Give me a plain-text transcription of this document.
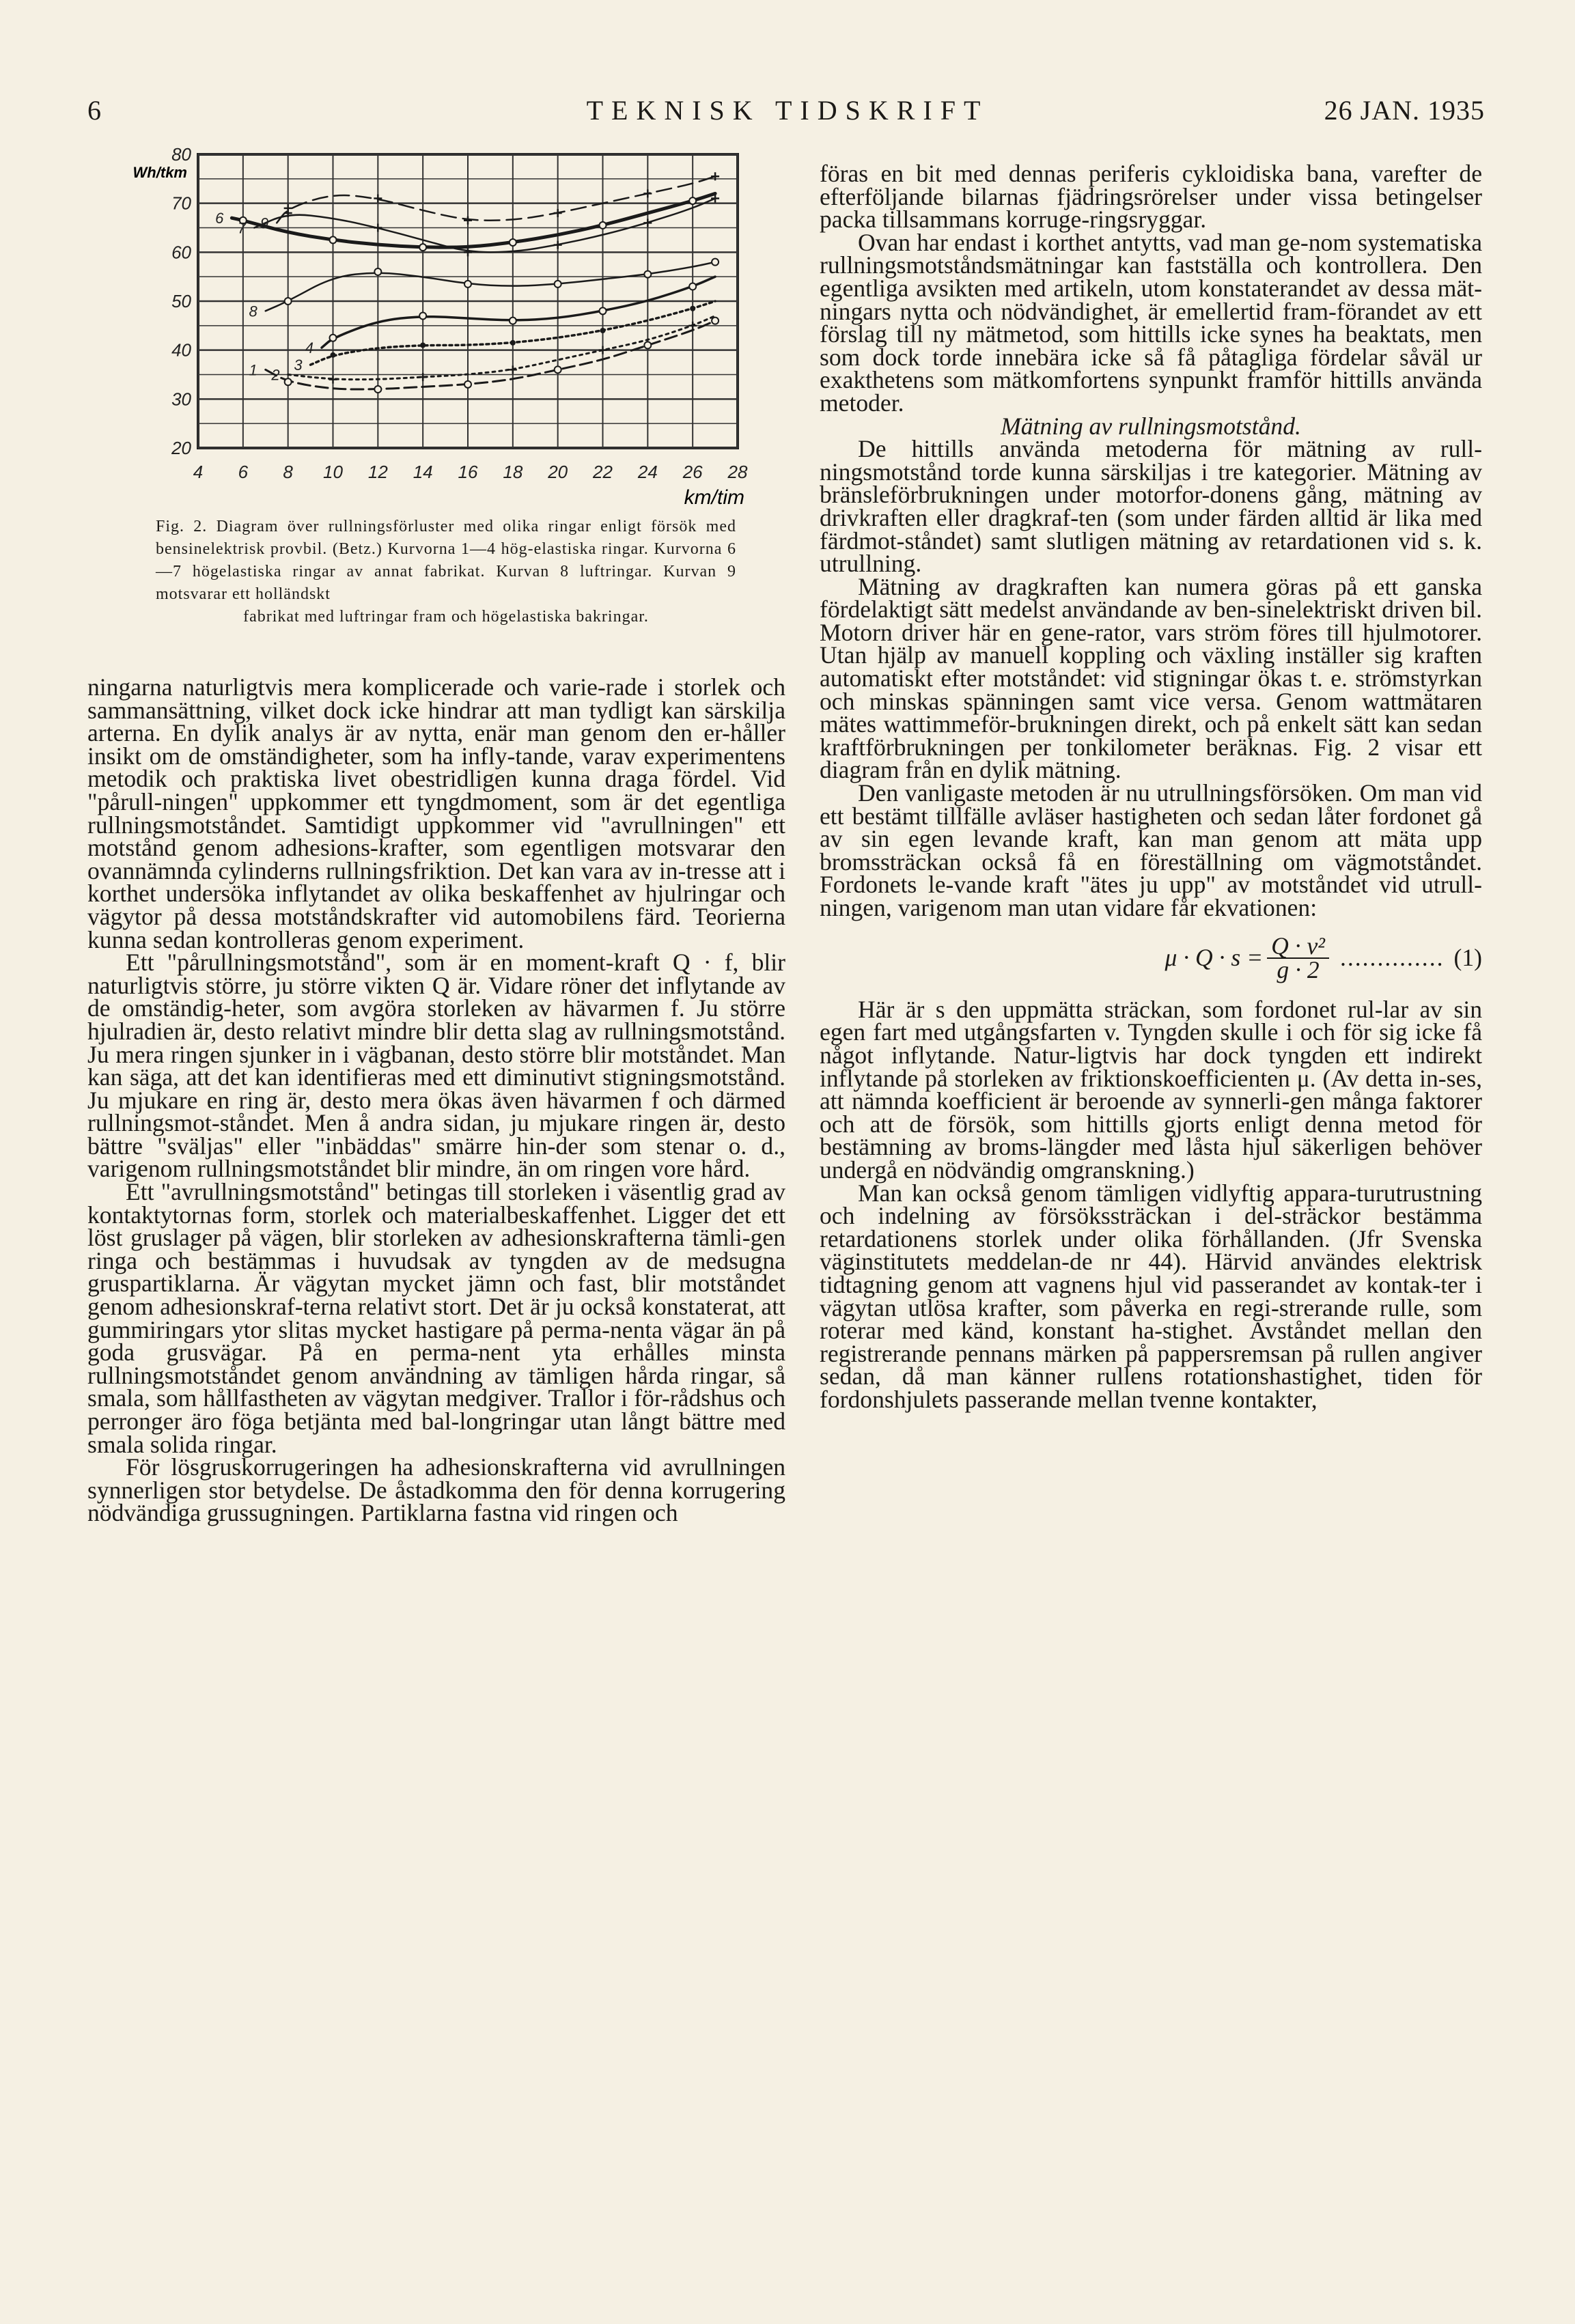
6	TEKNISK TIDSKRIFT	26 JAN. 1935
4 6 8 10 12 14 16 18 20 22 24 26 28
20
30
40
50
60
70
80
1 2
3
4
6
7
8
9
Wh/tkm
km/tim
Fig. 2. Diagram över rullningsförluster med olika ringar enligt försök med bensinelektrisk provbil. (Betz.) Kurvorna 1—4 hög-elastiska ringar. Kurvorna 6—7 högelastiska ringar av annat fabrikat. Kurvan 8 luftringar. Kurvan 9 motsvarar ett holländskt
fabrikat med luftringar fram och högelastiska bakringar.

ningarna naturligtvis mera komplicerade och varie-rade i storlek och sammansättning, vilket dock icke hindrar att man tydligt kan särskilja arterna. En dylik analys är av nytta, enär man genom den er-håller insikt om de omständigheter, som ha infly-tande, varav experimentens metodik och praktiska livet obestridligen kunna draga fördel. Vid "pårull-ningen" uppkommer ett tyngdmoment, som är det egentliga rullningsmotståndet. Samtidigt uppkommer vid "avrullningen" ett motstånd genom adhesions-krafter, som egentligen motsvarar den ovannämnda cylinderns rullningsfriktion. Det kan vara av in-tresse att i korthet undersöka inflytandet av olika beskaffenhet av hjulringar och vägytor på dessa motståndskrafter vid automobilens färd. Teorierna kunna sedan kontrolleras genom experiment.

Ett "pårullningsmotstånd", som är en moment-kraft Q · f, blir naturligtvis större, ju större vikten Q är. Vidare röner det inflytande av de omständig-heter, som avgöra storleken av hävarmen f. Ju större hjulradien är, desto relativt mindre blir detta slag av rullningsmotstånd. Ju mera ringen sjunker in i vägbanan, desto större blir motståndet. Man kan säga, att det kan identifieras med ett diminutivt stigningsmotstånd. Ju mjukare en ring är, desto mera ökas även hävarmen f och därmed rullningsmot-ståndet. Men å andra sidan, ju mjukare ringen är, desto bättre "sväljas" eller "inbäddas" smärre hin-der som stenar o. d., varigenom rullningsmotståndet blir mindre, än om ringen vore hård.

Ett "avrullningsmotstånd" betingas till storleken i väsentlig grad av kontaktytornas form, storlek och materialbeskaffenhet. Ligger det ett löst gruslager på vägen, blir storleken av adhesionskrafterna tämli-gen ringa och bestämmas i huvudsak av tyngden av de medsugna gruspartiklarna. Är vägytan mycket jämn och fast, blir motståndet genom adhesionskraf-terna relativt stort. Det är ju också konstaterat, att gummiringars ytor slitas mycket hastigare på perma-nenta vägar än på goda grusvägar. På en perma-nent yta erhålles minsta rullningsmotståndet genom användning av tämligen hårda ringar, så smala, som hållfastheten av vägytan medgiver. Trallor i för-rådshus och perronger äro föga betjänta med bal-longringar utan långt bättre med smala solida ringar.

För lösgruskorrugeringen ha adhesionskrafterna vid avrullningen synnerligen stor betydelse. De åstadkomma den för denna korrugering nödvändiga grussugningen. Partiklarna fastna vid ringen och

föras en bit med dennas periferis cykloidiska bana, varefter de efterföljande bilarnas fjädringsrörelser under vissa betingelser packa tillsammans korruge-ringsryggar.

Ovan har endast i korthet antytts, vad man ge-nom systematiska rullningsmotståndsmätningar kan fastställa och kontrollera. Den egentliga avsikten med artikeln, utom konstaterandet av dessa mät-ningars nytta och nödvändighet, är emellertid fram-förandet av ett förslag till ny mätmetod, som hittills icke synes ha beaktats, men som dock torde innebära icke så få påtagliga fördelar såväl ur exakthetens som mätkomfortens synpunkt framför hittills använda metoder.

Mätning av rullningsmotstånd.

De hittills använda metoderna för mätning av rull-ningsmotstånd torde kunna särskiljas i tre kategorier. Mätning av bränsleförbrukningen under motorfor-donens gång, mätning av drivkraften eller dragkraf-ten (som under färden alltid är lika med färdmot-ståndet) samt slutligen mätning av retardationen vid s. k. utrullning.

Mätning av dragkraften kan numera göras på ett ganska fördelaktigt sätt medelst användande av ben-sinelektriskt driven bil. Motorn driver här en gene-rator, vars ström föres till hjulmotorer. Utan hjälp av manuell koppling och växling inställer sig kraften automatiskt efter motståndet: vid stigningar ökas t. e. strömstyrkan och minskas spänningen samt vice versa. Genom wattmätaren mätes wattimmeför-brukningen direkt, och på enkelt sätt kan sedan kraftförbrukningen per tonkilometer beräknas. Fig. 2 visar ett diagram från en dylik mätning.

Den vanligaste metoden är nu utrullningsförsöken. Om man vid ett bestämt tillfälle avläser hastigheten och sedan låter fordonet gå av sin egen levande kraft, kan man genom att mäta upp bromssträckan också få en föreställning om vägmotståndet. Fordonets le-vande kraft "ätes ju upp" av motståndet vid utrull-ningen, varigenom man utan vidare får ekvationen:

$\mu \cdot Q \cdot s = \frac{\text{Q · v²}}{g \cdot 2}$ .............. (1)

Här är s den uppmätta sträckan, som fordonet rul-lar av sin egen fart med utgångsfarten v. Tyngden skulle i och för sig icke få något inflytande. Natur-ligtvis har dock tyngden ett indirekt inflytande på storleken av friktionskoefficienten μ. (Av detta in-ses, att nämnda koefficient är beroende av synnerli-gen många faktorer och att de försök, som hittills gjorts enligt denna metod för bestämning av broms-längder med låsta hjul säkerligen behöver undergå en nödvändig omgranskning.)

Man kan också genom tämligen vidlyftig appara-turutrustning och indelning av försökssträckan i del-sträckor bestämma retardationens storlek under olika förhållanden. (Jfr Svenska väginstitutets meddelan-de nr 44). Härvid användes elektrisk tidtagning genom att vagnens hjul vid passerandet av kontak-ter i vägytan utlösa krafter, som påverka en regi-strerande rulle, som roterar med känd, konstant ha-stighet. Avståndet mellan den registrerande pennans märken på pappersremsan på rullen angiver sedan, då man känner rullens rotationshastighet, tiden för fordonshjulets passerande mellan tvenne kontakter,
